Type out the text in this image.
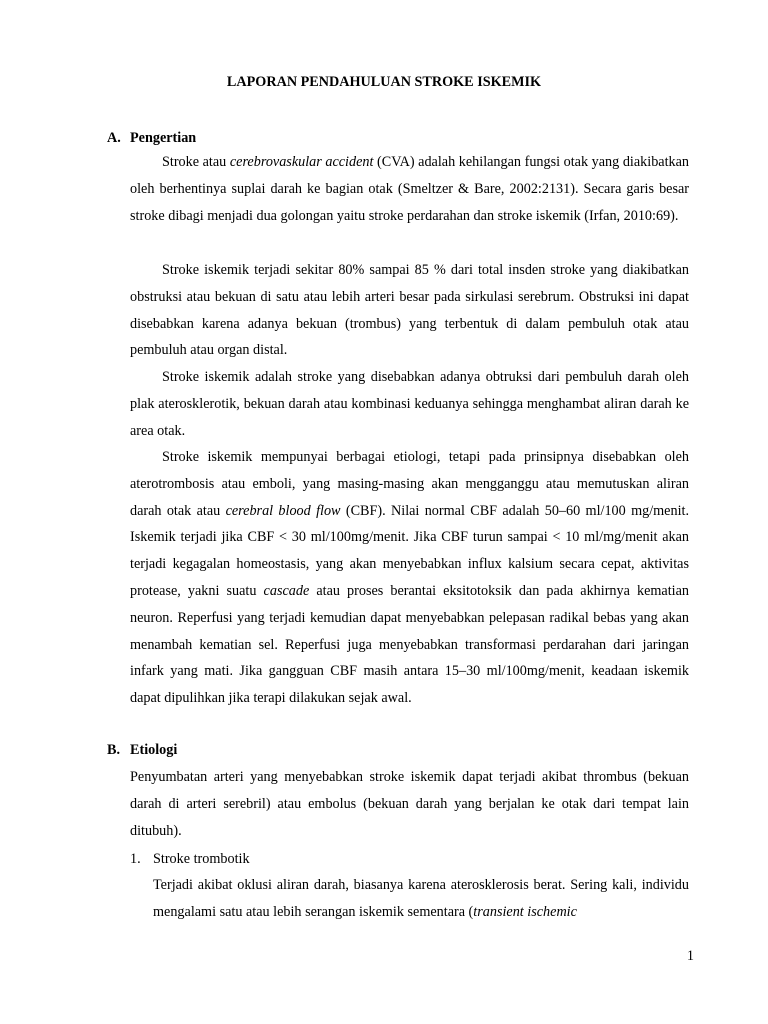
LAPORAN PENDAHULUAN STROKE ISKEMIK
A. Pengertian

Stroke atau cerebrovaskular accident (CVA) adalah kehilangan fungsi otak yang diakibatkan oleh berhentinya suplai darah ke bagian otak (Smeltzer & Bare, 2002:2131). Secara garis besar stroke dibagi menjadi dua golongan yaitu stroke perdarahan dan stroke iskemik (Irfan, 2010:69).

Stroke iskemik terjadi sekitar 80% sampai 85 % dari total insden stroke yang diakibatkan obstruksi atau bekuan di satu atau lebih arteri besar pada sirkulasi serebrum. Obstruksi ini dapat disebabkan karena adanya bekuan (trombus) yang terbentuk di dalam pembuluh otak atau pembuluh atau organ distal.

Stroke iskemik adalah stroke yang disebabkan adanya obtruksi dari pembuluh darah oleh plak aterosklerotik, bekuan darah atau kombinasi keduanya sehingga menghambat aliran darah ke area otak.

Stroke iskemik mempunyai berbagai etiologi, tetapi pada prinsipnya disebabkan oleh aterotrombosis atau emboli, yang masing-masing akan mengganggu atau memutuskan aliran darah otak atau cerebral blood flow (CBF). Nilai normal CBF adalah 50–60 ml/100 mg/menit. Iskemik terjadi jika CBF < 30 ml/100mg/menit. Jika CBF turun sampai < 10 ml/mg/menit akan terjadi kegagalan homeostasis, yang akan menyebabkan influx kalsium secara cepat, aktivitas protease, yakni suatu cascade atau proses berantai eksitotoksik dan pada akhirnya kematian neuron. Reperfusi yang terjadi kemudian dapat menyebabkan pelepasan radikal bebas yang akan menambah kematian sel. Reperfusi juga menyebabkan transformasi perdarahan dari jaringan infark yang mati. Jika gangguan CBF masih antara 15–30 ml/100mg/menit, keadaan iskemik dapat dipulihkan jika terapi dilakukan sejak awal.

B. Etiologi

Penyumbatan arteri yang menyebabkan stroke iskemik dapat terjadi akibat thrombus (bekuan darah di arteri serebril) atau embolus (bekuan darah yang berjalan ke otak dari tempat lain ditubuh).

1. Stroke trombotik

Terjadi akibat oklusi aliran darah, biasanya karena aterosklerosis berat. Sering kali, individu mengalami satu atau lebih serangan iskemik sementara (transient ischemic

1
